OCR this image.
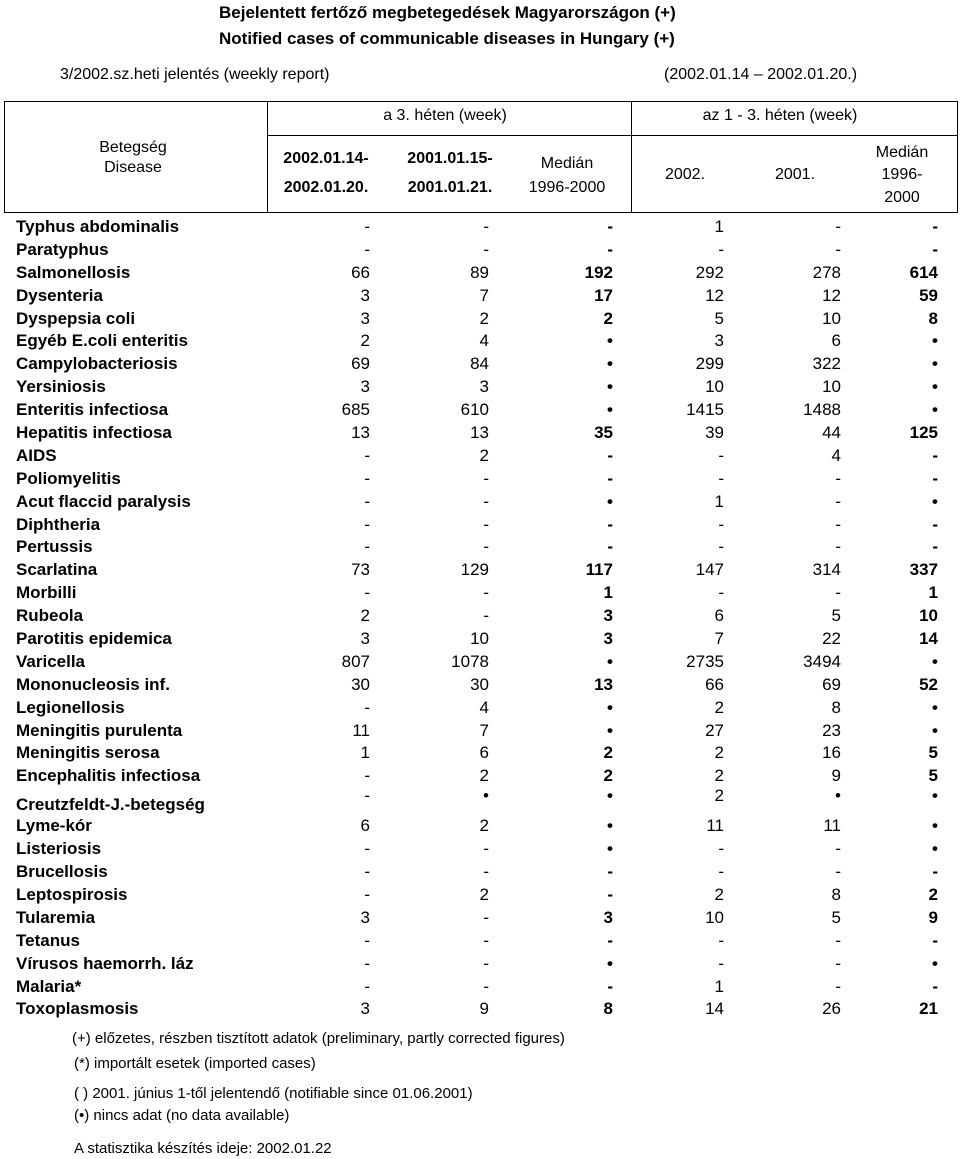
Bejelentett fertőző megbetegedések Magyarországon (+)
Notified cases of communicable diseases in Hungary (+)
3/2002.sz.heti jelentés (weekly report)	(2002.01.14 – 2002.01.20.)
Betegség
Disease
a 3. héten (week)	az 1 - 3. héten (week)
2002.01.14-
2002.01.20.
2001.01.15-
2001.01.21.
Medián
1996-2000
2002.	2001.
Medián
1996-
2000
Typhus abdominalis	-	-	-	1	-	-
Paratyphus	-	-	-	-	-	-
Salmonellosis	66	89	192	292	278	614
Dysenteria	3	7	17	12	12	59
Dyspepsia coli	3	2	2	5	10	8
Egyéb E.coli enteritis	2	4	•	3	6	•
Campylobacteriosis	69	84	•	299	322	•
Yersiniosis	3	3	•	10	10	•
Enteritis infectiosa	685	610	•	1415	1488	•
Hepatitis infectiosa	13	13	35	39	44	125
AIDS	-	2	-	-	4	-
Poliomyelitis	-	-	-	-	-	-
Acut flaccid paralysis	-	-	•	1	-	•
Diphtheria	-	-	-	-	-	-
Pertussis	-	-	-	-	-	-
Scarlatina	73	129	117	147	314	337
Morbilli	-	-	1	-	-	1
Rubeola	2	-	3	6	5	10
Parotitis epidemica	3	10	3	7	22	14
Varicella	807	1078	•	2735	3494	•
Mononucleosis inf.	30	30	13	66	69	52
Legionellosis	-	4	•	2	8	•
Meningitis purulenta	11	7	•	27	23	•
Meningitis serosa	1	6	2	2	16	5
Encephalitis infectiosa	-	2	2	2	9	5
Creutzfeldt-J.-betegség	-	•	•	2	•	•
Lyme-kór	6	2	•	11	11	•
Listeriosis	-	-	•	-	-	•
Brucellosis	-	-	-	-	-	-
Leptospirosis	-	2	-	2	8	2
Tularemia	3	-	3	10	5	9
Tetanus	-	-	-	-	-	-
Vírusos haemorrh. láz	-	-	•	-	-	•
Malaria*	-	-	-	1	-	-
Toxoplasmosis	3	9	8	14	26	21
(+) előzetes, részben tisztított adatok (preliminary, partly corrected figures)
(*) importált esetek (imported cases)
( ) 2001. június 1-től jelentendő (notifiable since 01.06.2001)
(•) nincs adat (no data available)
A statisztika készítés ideje: 2002.01.22
